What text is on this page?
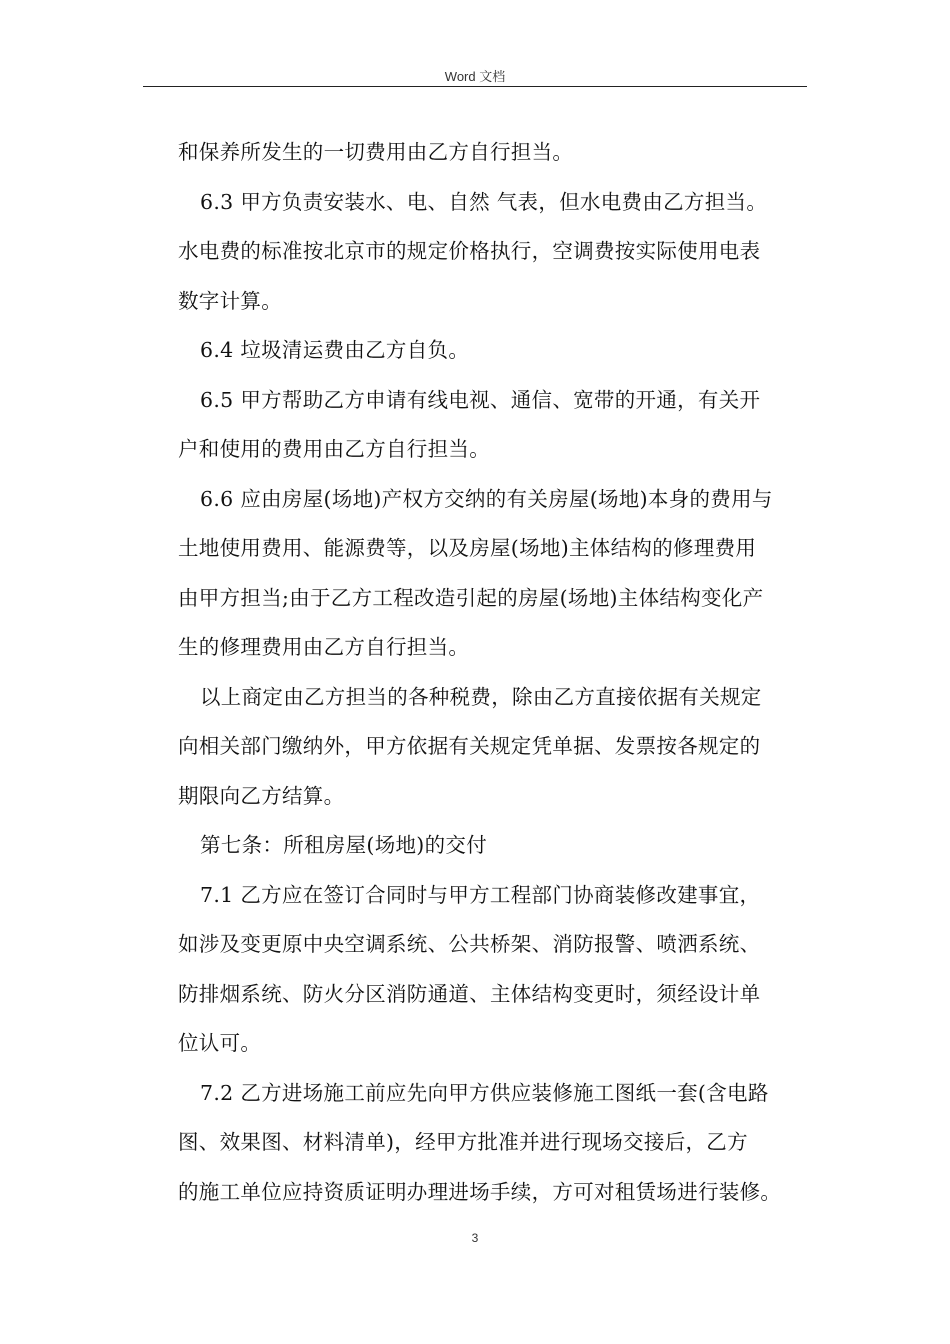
Word 文档
和保养所发生的一切费用由乙方自行担当。
6.3 甲方负责安装水、电、自然 气表，但水电费由乙方担当。
水电费的标准按北京市的规定价格执行，空调费按实际使用电表
数字计算。
6.4 垃圾清运费由乙方自负。
6.5 甲方帮助乙方申请有线电视、通信、宽带的开通，有关开
户和使用的费用由乙方自行担当。
6.6 应由房屋(场地)产权方交纳的有关房屋(场地)本身的费用与
土地使用费用、能源费等，以及房屋(场地)主体结构的修理费用
由甲方担当;由于乙方工程改造引起的房屋(场地)主体结构变化产
生的修理费用由乙方自行担当。
以上商定由乙方担当的各种税费，除由乙方直接依据有关规定
向相关部门缴纳外，甲方依据有关规定凭单据、发票按各规定的
期限向乙方结算。
第七条：所租房屋(场地)的交付
7.1 乙方应在签订合同时与甲方工程部门协商装修改建事宜，
如涉及变更原中央空调系统、公共桥架、消防报警、喷洒系统、
防排烟系统、防火分区消防通道、主体结构变更时，须经设计单
位认可。
7.2 乙方进场施工前应先向甲方供应装修施工图纸一套(含电路
图、效果图、材料清单)，经甲方批准并进行现场交接后，乙方
的施工单位应持资质证明办理进场手续，方可对租赁场进行装修。
3
